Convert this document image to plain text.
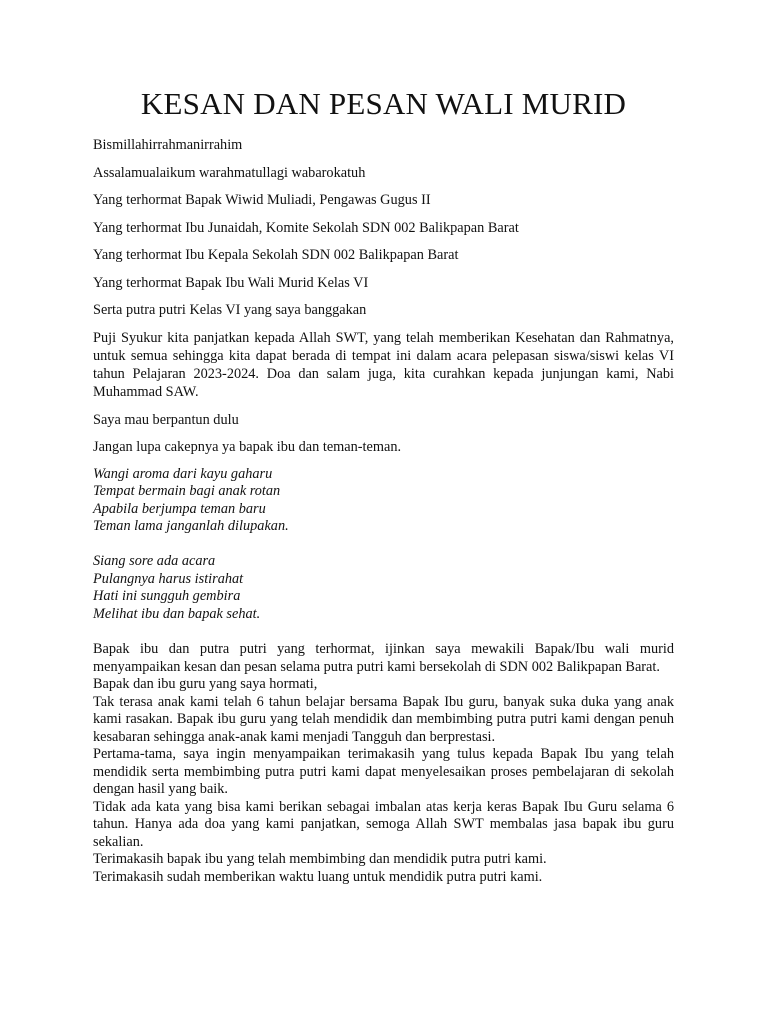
KESAN DAN PESAN WALI MURID

Bismillahirrahmanirrahim

Assalamualaikum warahmatullagi wabarokatuh

Yang terhormat Bapak Wiwid Muliadi, Pengawas Gugus II

Yang terhormat Ibu Junaidah, Komite Sekolah SDN 002 Balikpapan Barat

Yang terhormat Ibu Kepala Sekolah SDN 002 Balikpapan Barat

Yang terhormat Bapak Ibu Wali Murid Kelas VI

Serta putra putri Kelas VI yang saya banggakan

Puji Syukur kita panjatkan kepada Allah SWT, yang telah memberikan Kesehatan dan Rahmatnya, untuk semua sehingga kita dapat berada di tempat ini dalam acara pelepasan siswa/siswi kelas VI tahun Pelajaran 2023-2024. Doa dan salam juga, kita curahkan kepada junjungan kami, Nabi Muhammad SAW.

Saya mau berpantun dulu

Jangan lupa cakepnya ya bapak ibu dan teman-teman.

Wangi aroma dari kayu gaharu
Tempat bermain bagi anak rotan
Apabila berjumpa teman baru
Teman lama janganlah dilupakan.
Siang sore ada acara
Pulangnya harus istirahat
Hati ini sungguh gembira
Melihat ibu dan bapak sehat.

Bapak ibu dan putra putri yang terhormat, ijinkan saya mewakili Bapak/Ibu wali murid menyampaikan kesan dan pesan selama putra putri kami bersekolah di SDN 002 Balikpapan Barat.

Bapak dan ibu guru yang saya hormati,

Tak terasa anak kami telah 6 tahun belajar bersama Bapak Ibu guru, banyak suka duka yang anak kami rasakan. Bapak ibu guru yang telah mendidik dan membimbing putra putri kami dengan penuh kesabaran sehingga anak-anak kami menjadi Tangguh dan berprestasi.

Pertama-tama, saya ingin menyampaikan terimakasih yang tulus kepada Bapak Ibu yang telah mendidik serta membimbing putra putri kami dapat menyelesaikan proses pembelajaran di sekolah dengan hasil yang baik.

Tidak ada kata yang bisa kami berikan sebagai imbalan atas kerja keras Bapak Ibu Guru selama 6 tahun. Hanya ada doa yang kami panjatkan, semoga Allah SWT membalas jasa bapak ibu guru sekalian.

Terimakasih bapak ibu yang telah membimbing dan mendidik putra putri kami.

Terimakasih sudah memberikan waktu luang untuk mendidik putra putri kami.
